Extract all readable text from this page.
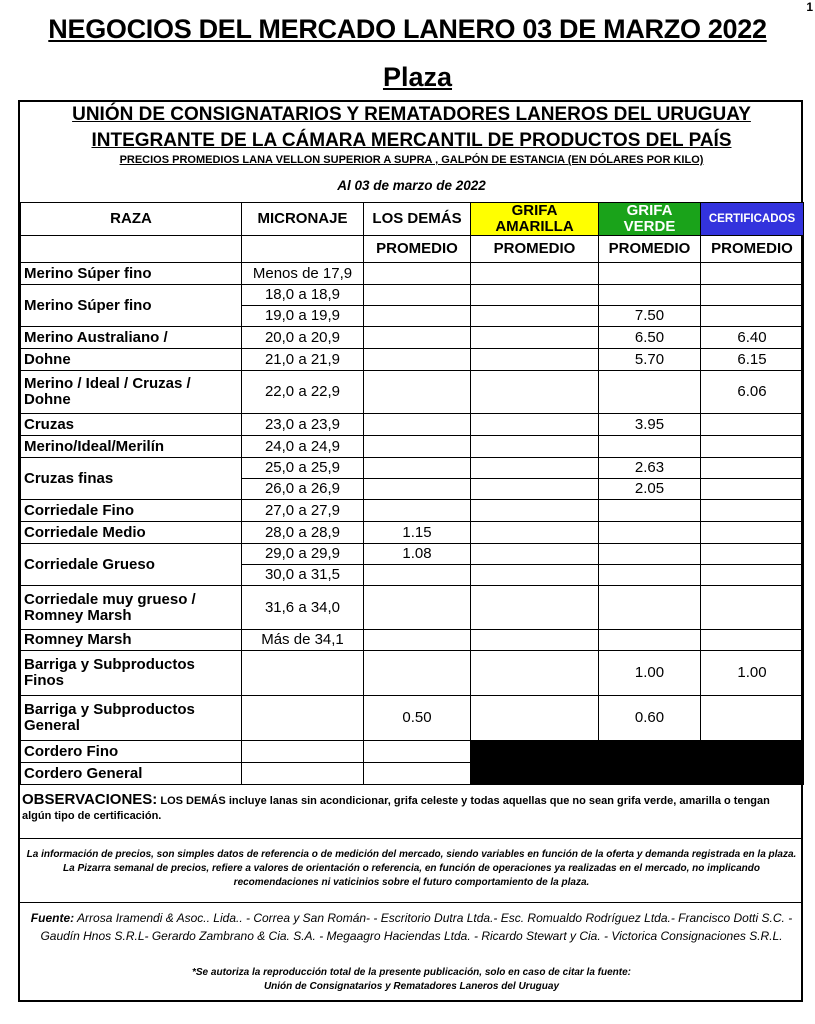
NEGOCIOS DEL MERCADO LANERO 03 DE MARZO 2022
1
Plaza
UNIÓN DE CONSIGNATARIOS Y REMATADORES LANEROS DEL URUGUAY
INTEGRANTE DE LA CÁMARA MERCANTIL DE PRODUCTOS DEL PAÍS
PRECIOS PROMEDIOS LANA VELLON SUPERIOR A SUPRA , GALPÓN DE ESTANCIA (EN DÓLARES POR KILO)
Al 03 de marzo de 2022
RAZA	MICRONAJE	LOS DEMÁS	GRIFA AMARILLA	GRIFA VERDE	CERTIFICADOS
		PROMEDIO	PROMEDIO	PROMEDIO	PROMEDIO
Merino Súper fino	Menos de 17,9				
Merino Súper fino	18,0 a 18,9				
	19,0 a 19,9			7.50	
Merino Australiano /	20,0 a 20,9			6.50	6.40
Dohne	21,0 a 21,9			5.70	6.15
Merino / Ideal / Cruzas / Dohne	22,0 a 22,9				6.06
Cruzas	23,0 a 23,9			3.95	
Merino/Ideal/Merilín	24,0 a 24,9				
Cruzas finas	25,0 a 25,9			2.63	
	26,0 a 26,9			2.05	
Corriedale Fino	27,0 a 27,9				
Corriedale Medio	28,0 a 28,9	1.15			
Corriedale Grueso	29,0 a 29,9	1.08			
	30,0 a 31,5				
Corriedale muy grueso / Romney Marsh	31,6 a 34,0				
Romney Marsh	Más de 34,1				
Barriga y Subproductos Finos				1.00	1.00
Barriga y Subproductos General		0.50		0.60	
Cordero Fino					
Cordero General					
OBSERVACIONES: LOS DEMÁS incluye lanas sin acondicionar, grifa celeste y todas aquellas que no sean grifa verde, amarilla o tengan algún tipo de certificación.
La información de precios, son simples datos de referencia o de medición del mercado, siendo variables en función de la oferta y demanda registrada en la plaza. La Pizarra semanal de precios, refiere a valores de orientación o referencia, en función de operaciones ya realizadas en el mercado, no implicando recomendaciones ni vaticinios sobre el futuro comportamiento de la plaza.
Fuente: Arrosa Iramendi & Asoc.. Lida.. - Correa y San Román- - Escritorio Dutra Ltda.- Esc. Romualdo Rodríguez Ltda.- Francisco Dotti S.C. - Gaudín Hnos S.R.L- Gerardo Zambrano & Cia. S.A. - Megaagro Haciendas Ltda. - Ricardo Stewart y Cia. - Victorica Consignaciones S.R.L.
*Se autoriza la reproducción total de la presente publicación, solo en caso de citar la fuente:
Unión de Consignatarios y Rematadores Laneros del Uruguay
